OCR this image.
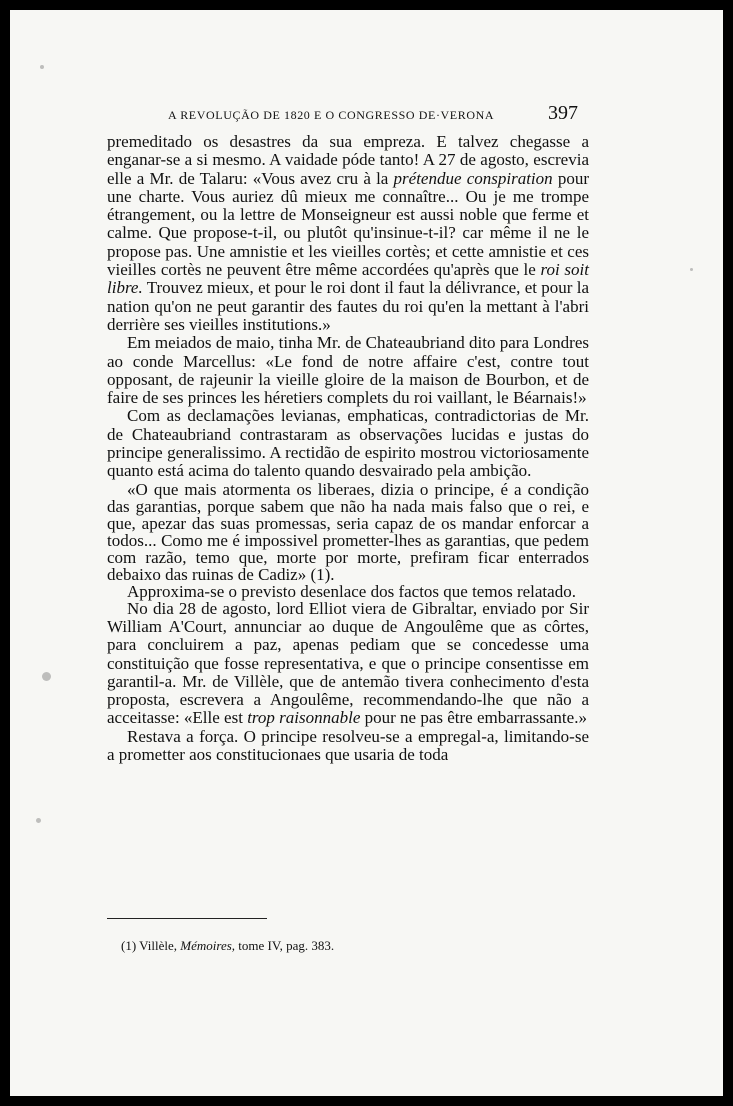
A REVOLUÇÃO DE 1820 E O CONGRESSO DE·VERONA	397

premeditado os desastres da sua empreza. E talvez chegasse a enganar-se a si mesmo. A vaidade póde tanto! A 27 de agosto, escrevia elle a Mr. de Talaru: «Vous avez cru à la prétendue conspiration pour une charte. Vous auriez dû mieux me connaître... Ou je me trompe étrangement, ou la lettre de Monseigneur est aussi noble que ferme et calme. Que propose-t-il, ou plutôt qu'insinue-t-il? car même il ne le propose pas. Une amnistie et les vieilles cortès; et cette amnistie et ces vieilles cortès ne peuvent être même accordées qu'après que le roi soit libre. Trouvez mieux, et pour le roi dont il faut la délivrance, et pour la nation qu'on ne peut garantir des fautes du roi qu'en la mettant à l'abri derrière ses vieilles institutions.»

Em meiados de maio, tinha Mr. de Chateaubriand dito para Londres ao conde Marcellus: «Le fond de notre affaire c'est, contre tout opposant, de rajeunir la vieille gloire de la maison de Bourbon, et de faire de ses princes les héretiers complets du roi vaillant, le Béarnais!»

Com as declamações levianas, emphaticas, contradictorias de Mr. de Chateaubriand contrastaram as observações lucidas e justas do principe generalissimo. A rectidão de espirito mostrou victoriosamente quanto está acima do talento quando desvairado pela ambição.

«O que mais atormenta os liberaes, dizia o principe, é a condição das garantias, porque sabem que não ha nada mais falso que o rei, e que, apezar das suas promessas, seria capaz de os mandar enforcar a todos... Como me é impossivel prometter-lhes as garantias, que pedem com razão, temo que, morte por morte, prefiram ficar enterrados debaixo das ruinas de Cadiz» (1).

Approxima-se o previsto desenlace dos factos que temos relatado.

No dia 28 de agosto, lord Elliot viera de Gibraltar, enviado por Sir William A'Court, annunciar ao duque de Angoulême que as côrtes, para concluirem a paz, apenas pediam que se concedesse uma constituição que fosse representativa, e que o principe consentisse em garantil-a. Mr. de Villèle, que de antemão tivera conhecimento d'esta proposta, escrevera a Angoulême, recommendando-lhe que não a acceitasse: «Elle est trop raisonnable pour ne pas être embarrassante.»

Restava a força. O principe resolveu-se a empregal-a, limitando-se a prometter aos constitucionaes que usaria de toda

(1) Villèle, Mémoires, tome IV, pag. 383.
